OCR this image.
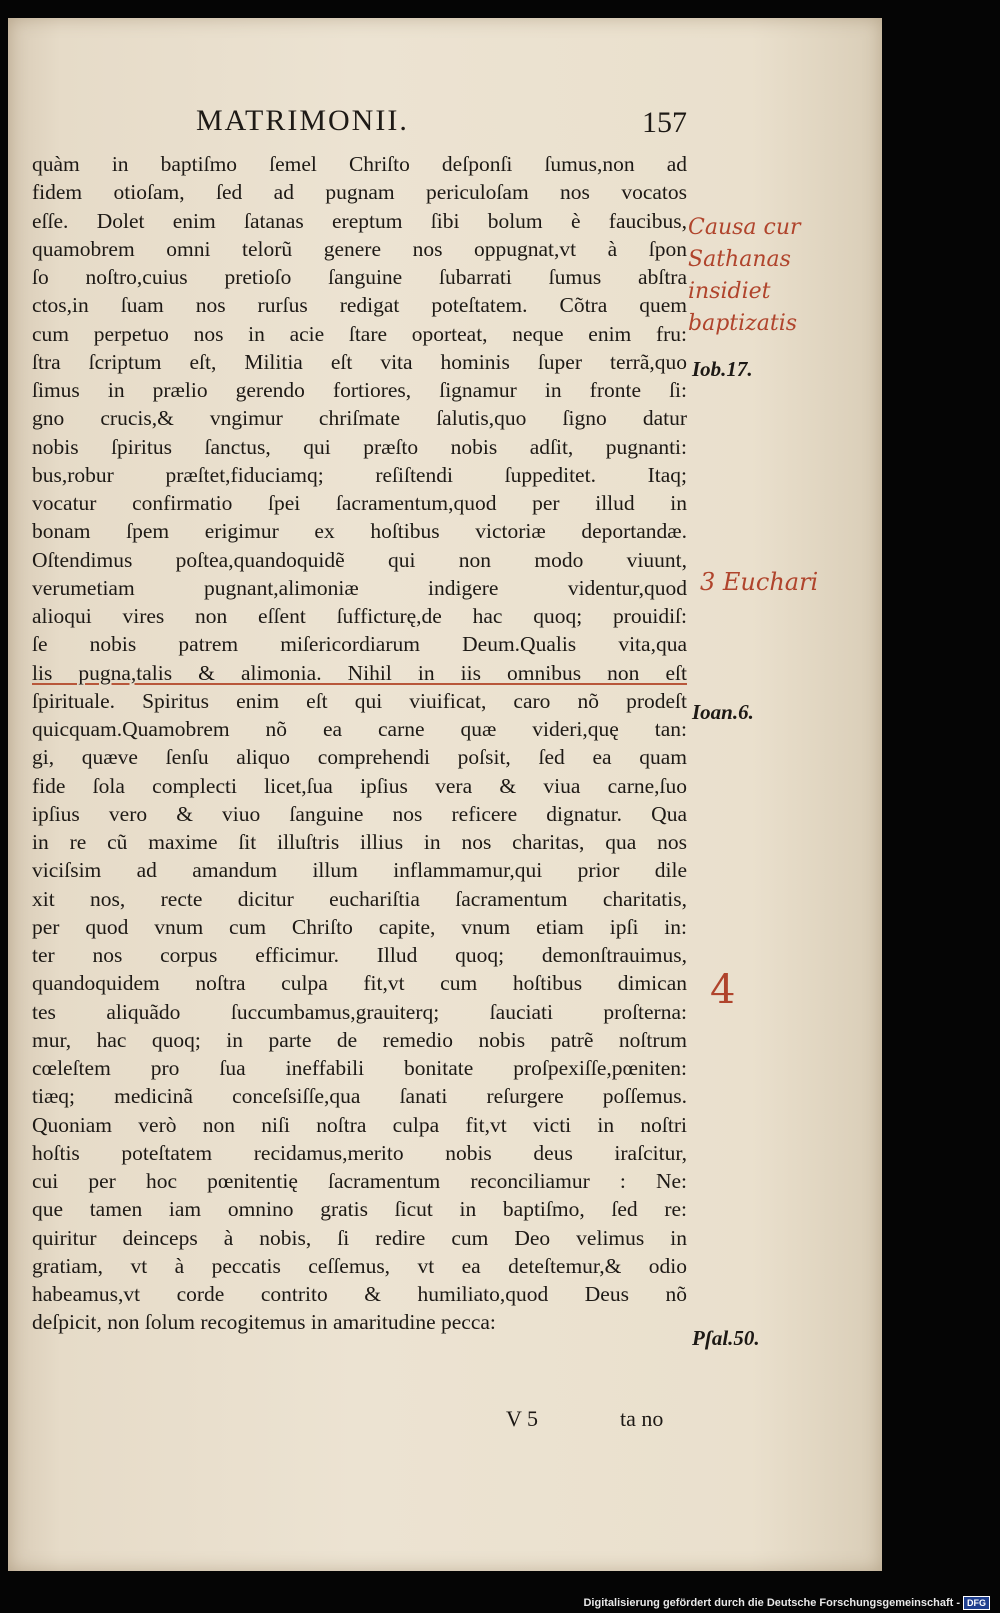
MATRIMONII.	157
quàm in baptiſmo ſemel Chriſto deſponſi ſumus,non ad
fidem otioſam, ſed ad pugnam periculoſam nos vocatos
eſſe. Dolet enim ſatanas ereptum ſibi bolum è faucibus,
quamobrem omni telorũ genere nos oppugnat,vt à ſpon
ſo noſtro,cuius pretioſo ſanguine ſubarrati ſumus abſtra
ctos,in ſuam nos rurſus redigat poteſtatem. Cõtra quem
cum perpetuo nos in acie ſtare oporteat, neque enim fru:
ſtra ſcriptum eſt, Militia eſt vita hominis ſuper terrã,quo
ſimus in prælio gerendo fortiores, ſignamur in fronte ſi:
gno crucis,& vngimur chriſmate ſalutis,quo ſigno datur
nobis ſpiritus ſanctus, qui præſto nobis adſit, pugnanti:
bus,robur præſtet,fiduciamq; reſiſtendi ſuppeditet. Itaq;
vocatur confirmatio ſpei ſacramentum,quod per illud in
bonam ſpem erigimur ex hoſtibus victoriæ deportandæ.
Oſtendimus poſtea,quandoquidẽ qui non modo viuunt,
verumetiam pugnant,alimoniæ indigere videntur,quod
alioqui vires non eſſent ſufficturę,de hac quoq; prouidiſ:
ſe nobis patrem miſericordiarum Deum.Qualis vita,qua
lis pugna,talis & alimonia. Nihil in iis omnibus non eſt
ſpirituale. Spiritus enim eſt qui viuificat, caro nõ prodeſt
quicquam.Quamobrem nõ ea carne quæ videri,quę tan:
gi, quæve ſenſu aliquo comprehendi poſsit, ſed ea quam
fide ſola complecti licet,ſua ipſius vera & viua carne,ſuo
ipſius vero & viuo ſanguine nos reficere dignatur. Qua
in re cũ maxime ſit illuſtris illius in nos charitas, qua nos
viciſsim ad amandum illum inflammamur,qui prior dile
xit nos, recte dicitur euchariſtia ſacramentum charitatis,
per quod vnum cum Chriſto capite, vnum etiam ipſi in:
ter nos corpus efficimur. Illud quoq; demonſtrauimus,
quandoquidem noſtra culpa fit,vt cum hoſtibus dimican
tes aliquãdo ſuccumbamus,grauiterq; ſauciati proſterna:
mur, hac quoq; in parte de remedio nobis patrẽ noſtrum
cœleſtem pro ſua ineffabili bonitate proſpexiſſe,pœniten:
tiæq; medicinã conceſsiſſe,qua ſanati reſurgere poſſemus.
Quoniam verò non niſi noſtra culpa fit,vt victi in noſtri
hoſtis poteſtatem recidamus,merito nobis deus iraſcitur,
cui per hoc pœnitentię ſacramentum reconciliamur : Ne:
que tamen iam omnino gratis ſicut in baptiſmo, ſed re:
quiritur deinceps à nobis, ſi redire cum Deo velimus in
gratiam, vt à peccatis ceſſemus, vt ea deteſtemur,& odio
habeamus,vt corde contrito & humiliato,quod Deus nõ
deſpicit, non ſolum recogitemus in amaritudine pecca:
Causa cur Sathanas insidiet baptizatis
Iob.17.
3 Euchari
Ioan.6.
4
Pſal.50.
V 5	ta no
Digitalisierung gefördert durch die Deutsche Forschungsgemeinschaft - DFG
